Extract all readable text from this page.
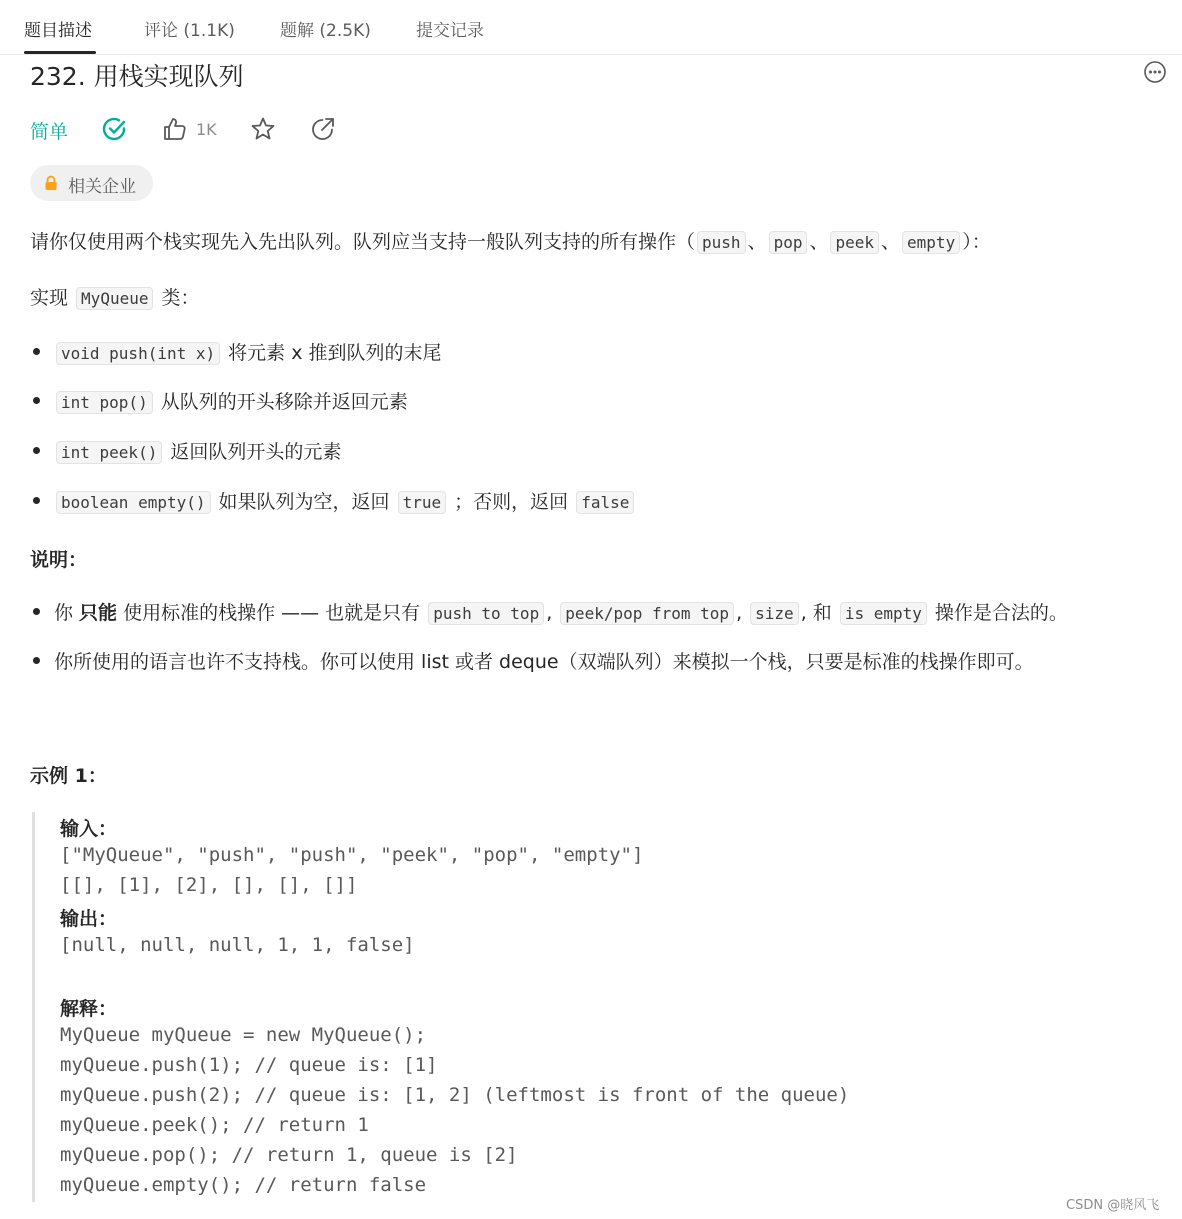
题目描述	评论 (1.1K)	题解 (2.5K)	提交记录
232. 用栈实现队列
简单	1K
相关企业
请你仅使用两个栈实现先入先出队列。队列应当支持一般队列支持的所有操作（ push 、 pop 、 peek 、 empty ）：
实现 MyQueue 类：
void push(int x) 将元素 x 推到队列的末尾
int pop() 从队列的开头移除并返回元素
int peek() 返回队列开头的元素
boolean empty() 如果队列为空，返回 true ；否则，返回 false
说明：
你 只能 使用标准的栈操作 —— 也就是只有 push to top , peek/pop from top , size , 和 is empty 操作是合法的。
你所使用的语言也许不支持栈。你可以使用 list 或者 deque（双端队列）来模拟一个栈，只要是标准的栈操作即可。
示例 1：
输入：
["MyQueue", "push", "push", "peek", "pop", "empty"]
[[], [1], [2], [], [], []]
输出：
[null, null, null, 1, 1, false]
解释：
MyQueue myQueue = new MyQueue();
myQueue.push(1); // queue is: [1]
myQueue.push(2); // queue is: [1, 2] (leftmost is front of the queue)
myQueue.peek(); // return 1
myQueue.pop(); // return 1, queue is [2]
myQueue.empty(); // return false
CSDN @晓风飞
